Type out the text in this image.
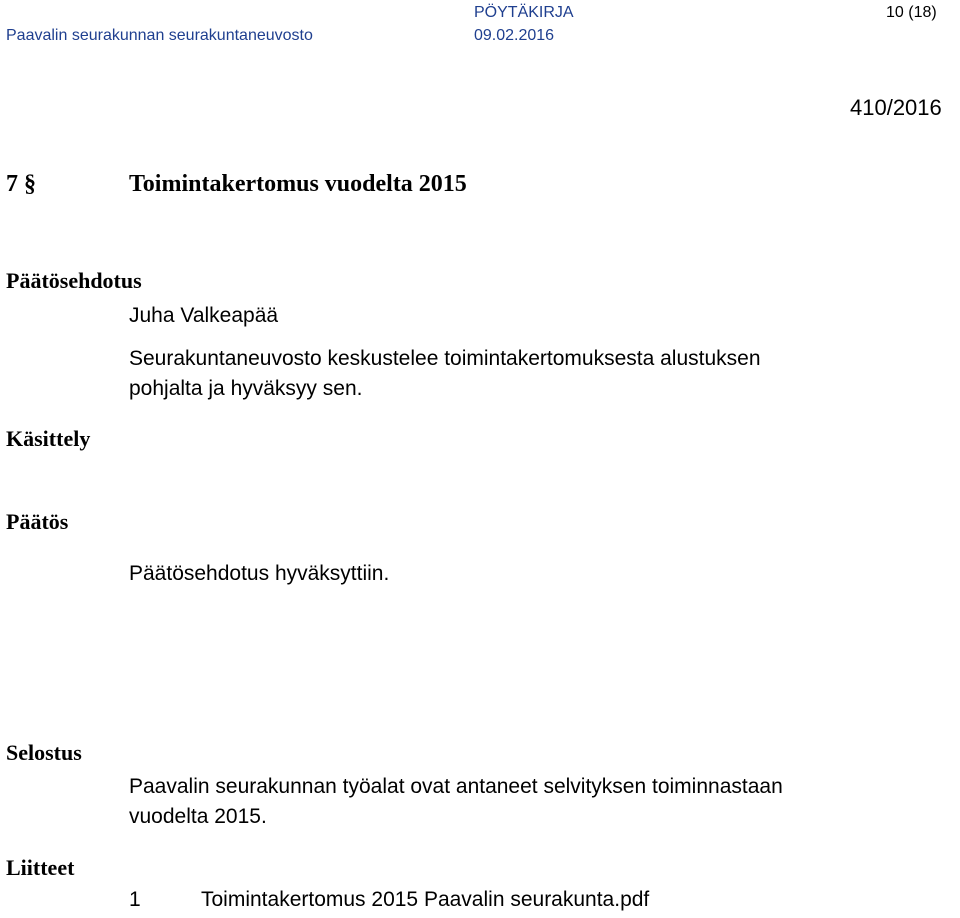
Paavalin seurakunnan seurakuntaneuvosto
PÖYTÄKIRJA
09.02.2016
10 (18)
410/2016
7 §	Toimintakertomus vuodelta 2015
Päätösehdotus
Juha Valkeapää
Seurakuntaneuvosto keskustelee toimintakertomuksesta alustuksen
pohjalta ja hyväksyy sen.
Käsittely
Päätös
Päätösehdotus hyväksyttiin.
Selostus
Paavalin seurakunnan työalat ovat antaneet selvityksen toiminnastaan
vuodelta 2015.
Liitteet
1	Toimintakertomus 2015 Paavalin seurakunta.pdf
